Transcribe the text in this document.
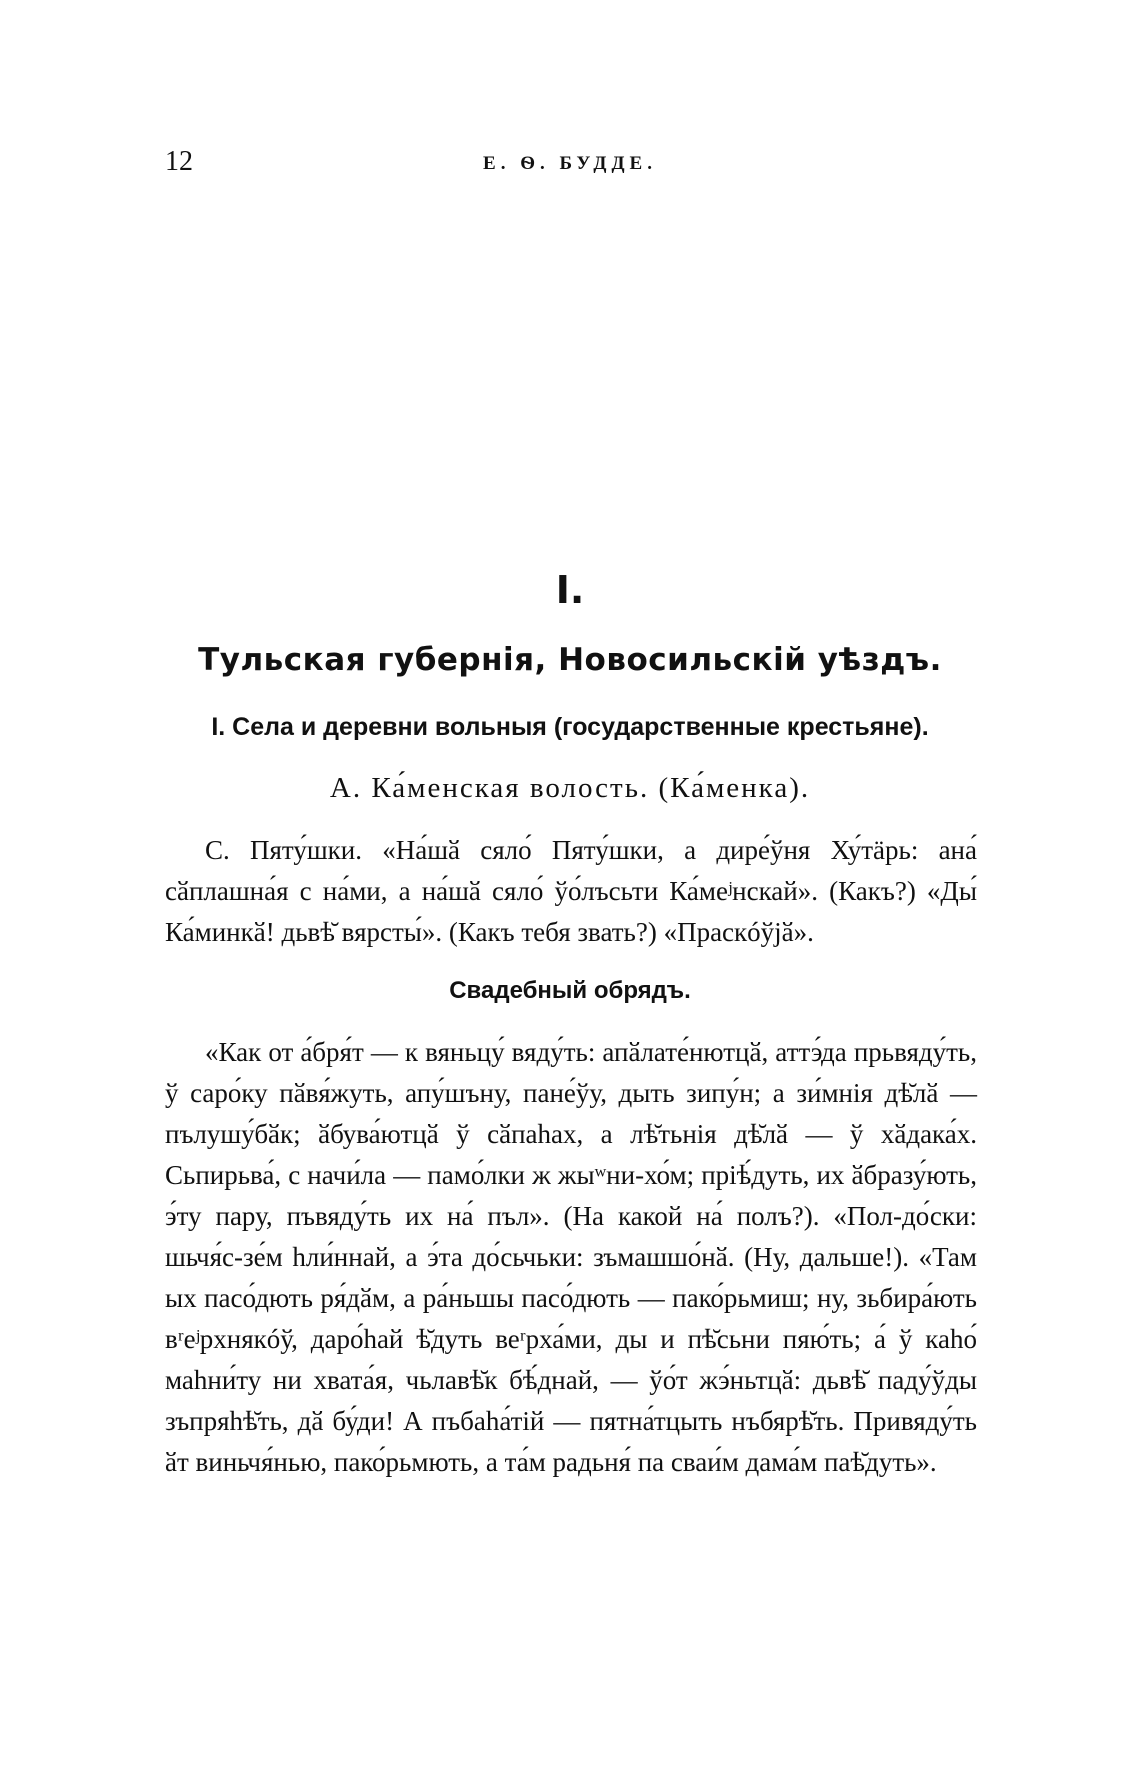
12	Е. Ѳ. БУДДЕ.
I.
Тульская губернія, Новосильскій уѣздъ.
I. Села и деревни вольныя (государственные крестьяне).
А. Ка́менская волость. (Ка́менка).

С. Пяту́шки. «На́шӑ сяло́ Пяту́шки, а дире́ўня Ху́тäрь: ана́ сӑплашна́я с на́ми, а на́шӑ сяло́ ўо́лъсьти Ка́меʲнскай». (Какъ?) «Ды́ Ка́минкӑ! дьвѣ̆ вярсты́». (Какъ тебя звать?) «Праскóўjӑ».

Свадебный обрядъ.

«Как от а́бря́т — к вяньцу́ вяду́ть: апӑлате́нютцӑ, аттэ́да прьвяду́ть, ў саро́ку пӑвя́жуть, апу́шъну, пане́ўу, дыть зипу́н; а зи́мнiя дѣ̆лӑ — пълушу́бӑк; ӑбува́ютцӑ ў сӑпаhах, а лѣ̆тьнiя дѣ̆лӑ — ў хӑдака́х. Сьпирьва́, с начи́ла — памо́лки ж жыʷни-хо́м; прiѣ́дуть, их ӑбразу́ють, э́ту пару, пъвяду́ть их на́ пъл». (На какой на́ полъ?). «Пол-до́ски: шьчя́с-зе́м hли́ннай, а э́та до́сьчьки: зъмашшо́нӑ. (Ну, дальше!). «Там ых пасо́дють ря́дӑм, а ра́ньшы пасо́дють — пако́рьмиш; ну, зьбира́ють вʳеʲрхнякóў, даро́hай ѣ̆дуть веʳрха́ми, ды и пѣ̆сьни пяю́ть; а́ ў каhо́ маhни́ту ни хвата́я, чьлавѣ̆к бѣ́днай, — ўо́т жэ́ньтцӑ: дьвѣ̆ паду́ўды зъпряhѣ̆ть, дӑ бу́ди! А пъбаhа́тiй — пятна́тцыть нъбярѣ̆ть. Привяду́ть ӑт виньчя́нью, пако́рьмють, а та́м радьня́ па сваи́м дама́м паѣ̆дуть».
